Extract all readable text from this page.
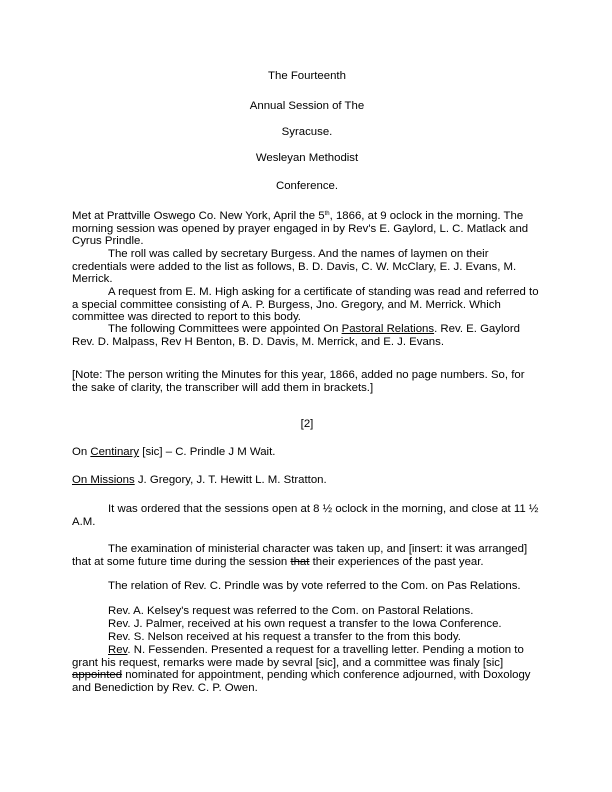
The Fourteenth
Annual Session of The
Syracuse.
Wesleyan Methodist
Conference.
Met at Prattville Oswego Co. New York, April the 5th, 1866, at 9 oclock in the morning. The morning session was opened by prayer engaged in by Rev's E. Gaylord, L. C. Matlack and Cyrus Prindle.
The roll was called by secretary Burgess. And the names of laymen on their credentials were added to the list as follows, B. D. Davis, C. W. McClary, E. J. Evans, M. Merrick.
A request from E. M. High asking for a certificate of standing was read and referred to a special committee consisting of A. P. Burgess, Jno. Gregory, and M. Merrick. Which committee was directed to report to this body.
The following Committees were appointed On Pastoral Relations. Rev. E. Gaylord Rev. D. Malpass, Rev H Benton, B. D. Davis, M. Merrick, and E. J. Evans.
[Note: The person writing the Minutes for this year, 1866, added no page numbers. So, for the sake of clarity, the transcriber will add them in brackets.]
[2]
On Centinary [sic] – C. Prindle J M Wait.
On Missions J. Gregory, J. T. Hewitt L. M. Stratton.
It was ordered that the sessions open at 8 ½ oclock in the morning, and close at 11 ½ A.M.
The examination of ministerial character was taken up, and [insert: it was arranged] that at some future time during the session that their experiences of the past year.
The relation of Rev. C. Prindle was by vote referred to the Com. on Pas Relations.
Rev. A. Kelsey's request was referred to the Com. on Pastoral Relations.
Rev. J. Palmer, received at his own request a transfer to the Iowa Conference.
Rev. S. Nelson received at his request a transfer to the from this body.
Rev. N. Fessenden. Presented a request for a travelling letter. Pending a motion to grant his request, remarks were made by sevral [sic], and a committee was finaly [sic] appointed nominated for appointment, pending which conference adjourned, with Doxology and Benediction by Rev. C. P. Owen.
